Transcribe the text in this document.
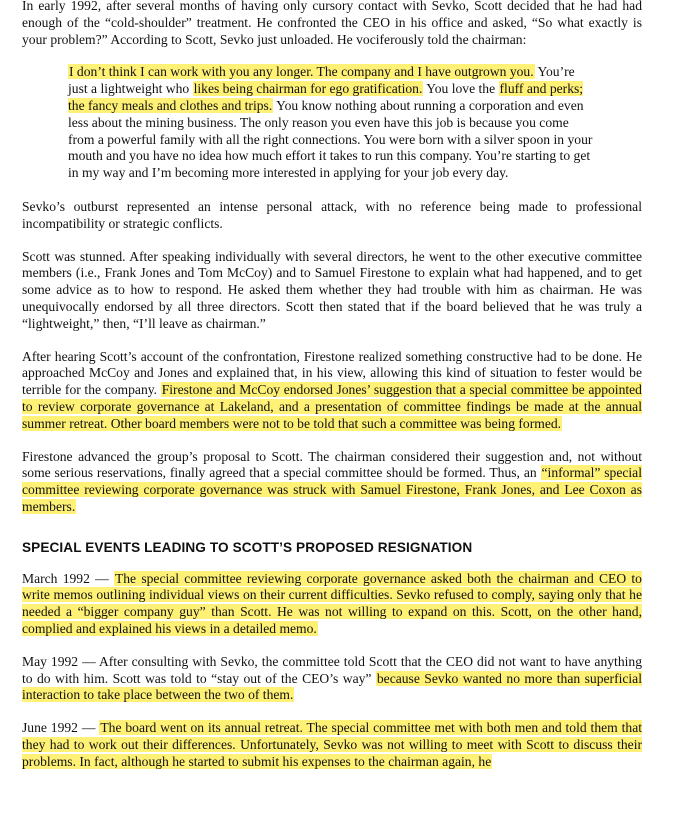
In early 1992, after several months of having only cursory contact with Sevko, Scott decided that he had had enough of the “cold-shoulder” treatment. He confronted the CEO in his office and asked, “So what exactly is your problem?” According to Scott, Sevko just unloaded. He vociferously told the chairman:

I don’t think I can work with you any longer. The company and I have outgrown you. You’re just a lightweight who likes being chairman for ego gratification. You love the fluff and perks; the fancy meals and clothes and trips. You know nothing about running a corporation and even less about the mining business. The only reason you even have this job is because you come from a powerful family with all the right connections. You were born with a silver spoon in your mouth and you have no idea how much effort it takes to run this company. You’re starting to get in my way and I’m becoming more interested in applying for your job every day.

Sevko’s outburst represented an intense personal attack, with no reference being made to professional incompatibility or strategic conflicts.

Scott was stunned. After speaking individually with several directors, he went to the other executive committee members (i.e., Frank Jones and Tom McCoy) and to Samuel Firestone to explain what had happened, and to get some advice as to how to respond. He asked them whether they had trouble with him as chairman. He was unequivocally endorsed by all three directors. Scott then stated that if the board believed that he was truly a “lightweight,” then, “I’ll leave as chairman.”

After hearing Scott’s account of the confrontation, Firestone realized something constructive had to be done. He approached McCoy and Jones and explained that, in his view, allowing this kind of situation to fester would be terrible for the company. Firestone and McCoy endorsed Jones’ suggestion that a special committee be appointed to review corporate governance at Lakeland, and a presentation of committee findings be made at the annual summer retreat. Other board members were not to be told that such a committee was being formed.

Firestone advanced the group’s proposal to Scott. The chairman considered their suggestion and, not without some serious reservations, finally agreed that a special committee should be formed. Thus, an “informal” special committee reviewing corporate governance was struck with Samuel Firestone, Frank Jones, and Lee Coxon as members.

SPECIAL EVENTS LEADING TO SCOTT’S PROPOSED RESIGNATION

March 1992 — The special committee reviewing corporate governance asked both the chairman and CEO to write memos outlining individual views on their current difficulties. Sevko refused to comply, saying only that he needed a “bigger company guy” than Scott. He was not willing to expand on this. Scott, on the other hand, complied and explained his views in a detailed memo.

May 1992 — After consulting with Sevko, the committee told Scott that the CEO did not want to have anything to do with him. Scott was told to “stay out of the CEO’s way” because Sevko wanted no more than superficial interaction to take place between the two of them.

June 1992 — The board went on its annual retreat. The special committee met with both men and told them that they had to work out their differences. Unfortunately, Sevko was not willing to meet with Scott to discuss their problems. In fact, although he started to submit his expenses to the chairman again, he
